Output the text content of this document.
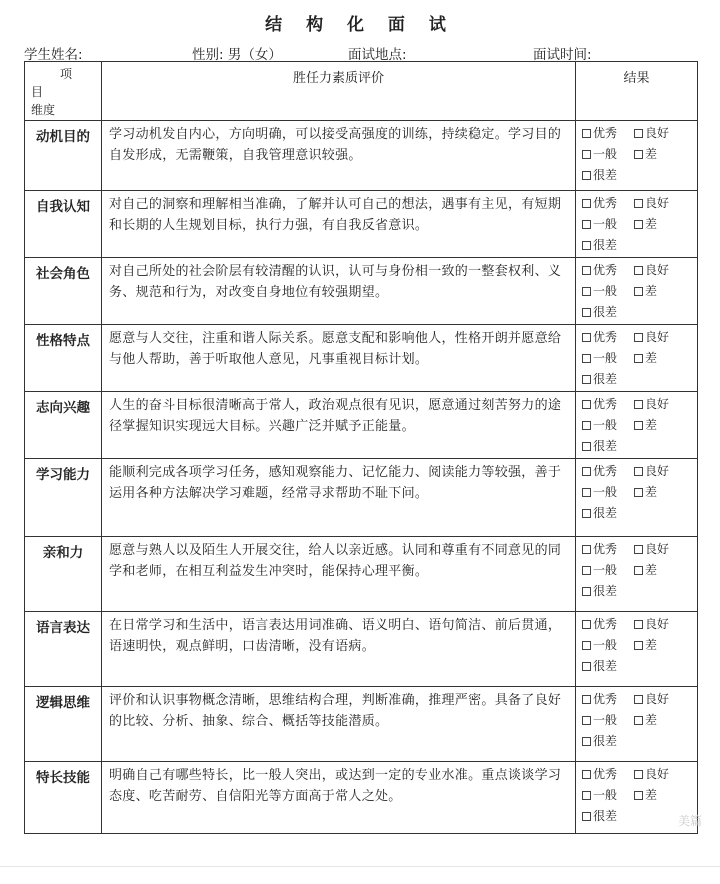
结 构 化 面 试
学生姓名:	性别: 男（女）	面试地点:	面试时间:
项
目
维度	胜任力素质评价	结果
动机目的	学习动机发自内心，方向明确，可以接受高强度的训练，持续稳定。学习目的自发形成，无需鞭策，自我管理意识较强。	优秀 良好
一般 差
很差

自我认知	对自己的洞察和理解相当准确，了解并认可自己的想法，遇事有主见，有短期和长期的人生规划目标，执行力强，有自我反省意识。	优秀 良好
一般 差
很差

社会角色	对自己所处的社会阶层有较清醒的认识，认可与身份相一致的一整套权利、义务、规范和行为，对改变自身地位有较强期望。	优秀 良好
一般 差
很差

性格特点	愿意与人交往，注重和谐人际关系。愿意支配和影响他人，性格开朗并愿意给与他人帮助，善于听取他人意见，凡事重视目标计划。	优秀 良好
一般 差
很差

志向兴趣	人生的奋斗目标很清晰高于常人，政治观点很有见识，愿意通过刻苦努力的途径掌握知识实现远大目标。兴趣广泛并赋予正能量。	优秀 良好
一般 差
很差

学习能力	能顺利完成各项学习任务，感知观察能力、记忆能力、阅读能力等较强，善于运用各种方法解决学习难题，经常寻求帮助不耻下问。	优秀 良好
一般 差
很差

亲和力	愿意与熟人以及陌生人开展交往，给人以亲近感。认同和尊重有不同意见的同学和老师，在相互利益发生冲突时，能保持心理平衡。	优秀 良好
一般 差
很差

语言表达	在日常学习和生活中，语言表达用词准确、语义明白、语句简洁、前后贯通，语速明快，观点鲜明，口齿清晰，没有语病。	优秀 良好
一般 差
很差

逻辑思维	评价和认识事物概念清晰，思维结构合理，判断准确，推理严密。具备了良好的比较、分析、抽象、综合、概括等技能潜质。	优秀 良好
一般 差
很差

特长技能	明确自己有哪些特长，比一般人突出，或达到一定的专业水准。重点谈谈学习态度、吃苦耐劳、自信阳光等方面高于常人之处。	优秀 良好
一般 差
很差	美篇
